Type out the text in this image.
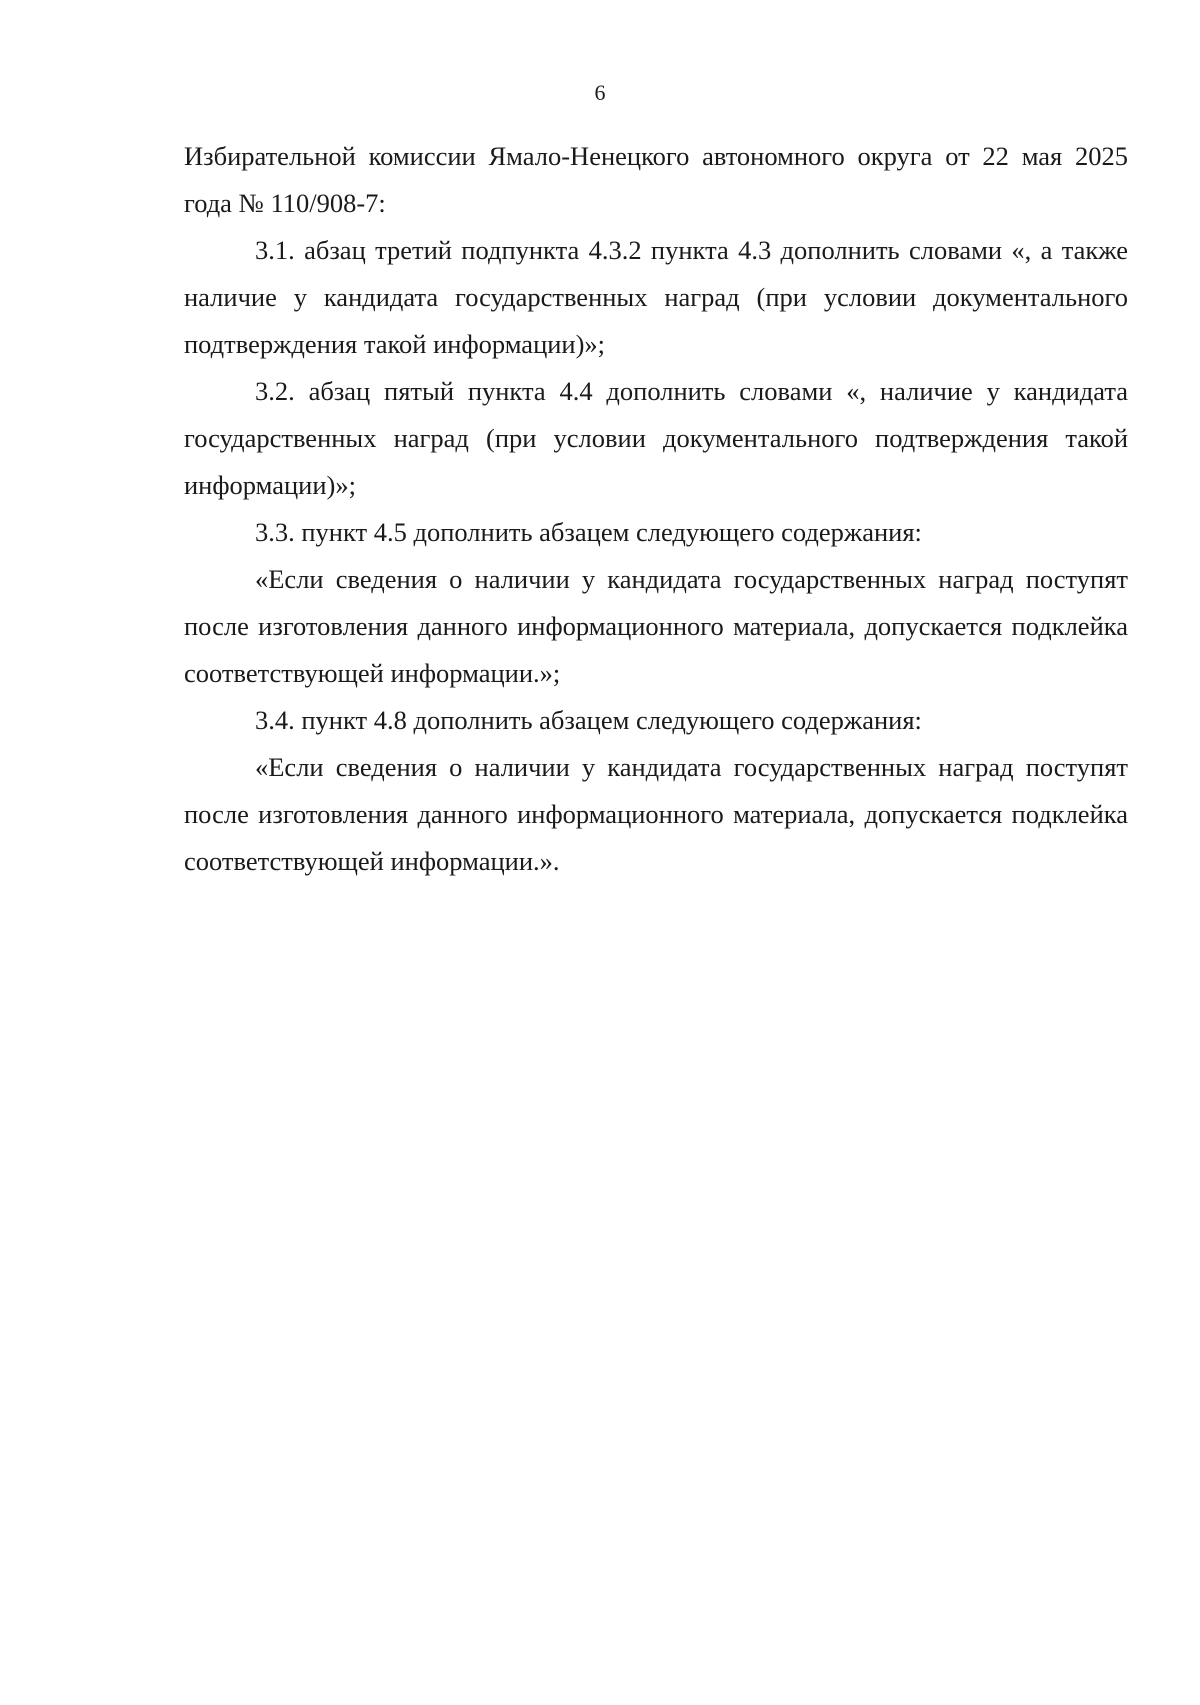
6

Избирательной комиссии Ямало-Ненецкого автономного округа от 22 мая 2025 года № 110/908-7:

3.1. абзац третий подпункта 4.3.2 пункта 4.3 дополнить словами «, а также наличие у кандидата государственных наград (при условии документального подтверждения такой информации)»;

3.2. абзац пятый пункта 4.4 дополнить словами «, наличие у кандидата государственных наград (при условии документального подтверждения такой информации)»;

3.3. пункт 4.5 дополнить абзацем следующего содержания:

«Если сведения о наличии у кандидата государственных наград поступят после изготовления данного информационного материала, допускается подклейка соответствующей информации.»;

3.4. пункт 4.8 дополнить абзацем следующего содержания:

«Если сведения о наличии у кандидата государственных наград поступят после изготовления данного информационного материала, допускается подклейка соответствующей информации.».
